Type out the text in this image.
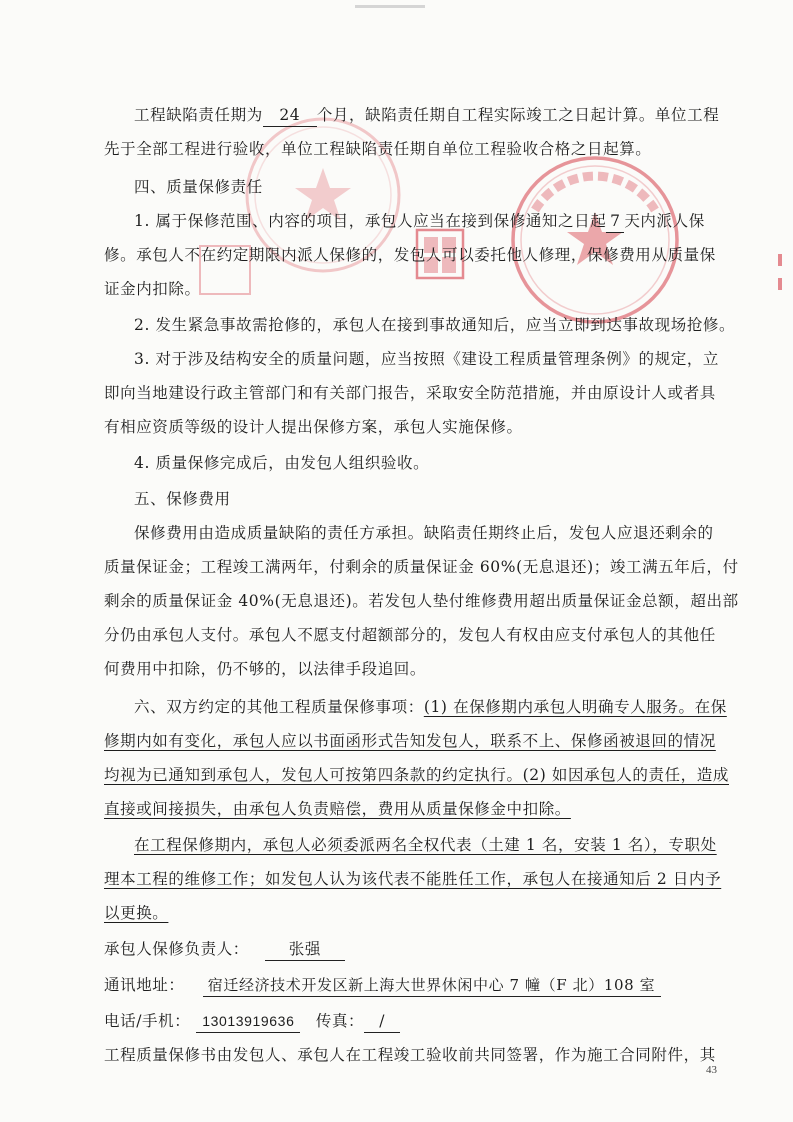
工程缺陷责任期为 24 个月，缺陷责任期自工程实际竣工之日起计算。单位工程
先于全部工程进行验收，单位工程缺陷责任期自单位工程验收合格之日起算。
四、质量保修责任
1. 属于保修范围、内容的项目，承包人应当在接到保修通知之日起 7 天内派人保
修。承包人不在约定期限内派人保修的，发包人可以委托他人修理，保修费用从质量保
证金内扣除。
2. 发生紧急事故需抢修的，承包人在接到事故通知后，应当立即到达事故现场抢修。
3. 对于涉及结构安全的质量问题，应当按照《建设工程质量管理条例》的规定，立
即向当地建设行政主管部门和有关部门报告，采取安全防范措施，并由原设计人或者具
有相应资质等级的设计人提出保修方案，承包人实施保修。
4. 质量保修完成后，由发包人组织验收。
五、保修费用
保修费用由造成质量缺陷的责任方承担。缺陷责任期终止后，发包人应退还剩余的
质量保证金；工程竣工满两年，付剩余的质量保证金 60%(无息退还)；竣工满五年后，付
剩余的质量保证金 40%(无息退还)。若发包人垫付维修费用超出质量保证金总额，超出部
分仍由承包人支付。承包人不愿支付超额部分的，发包人有权由应支付承包人的其他任
何费用中扣除，仍不够的，以法律手段追回。
六、双方约定的其他工程质量保修事项：(1) 在保修期内承包人明确专人服务。在保
修期内如有变化，承包人应以书面函形式告知发包人，联系不上、保修函被退回的情况
均视为已通知到承包人，发包人可按第四条款的约定执行。(2) 如因承包人的责任，造成
直接或间接损失，由承包人负责赔偿，费用从质量保修金中扣除。
在工程保修期内，承包人必须委派两名全权代表（土建 1 名，安装 1 名），专职处
理本工程的维修工作；如发包人认为该代表不能胜任工作，承包人在接通知后 2 日内予
以更换。
承包人保修负责人：	张强
通讯地址： 宿迁经济技术开发区新上海大世界休闲中心 7 幢（F 北）108 室
电话/手机： 13013919636 传真： /
工程质量保修书由发包人、承包人在工程竣工验收前共同签署，作为施工合同附件，其
43
